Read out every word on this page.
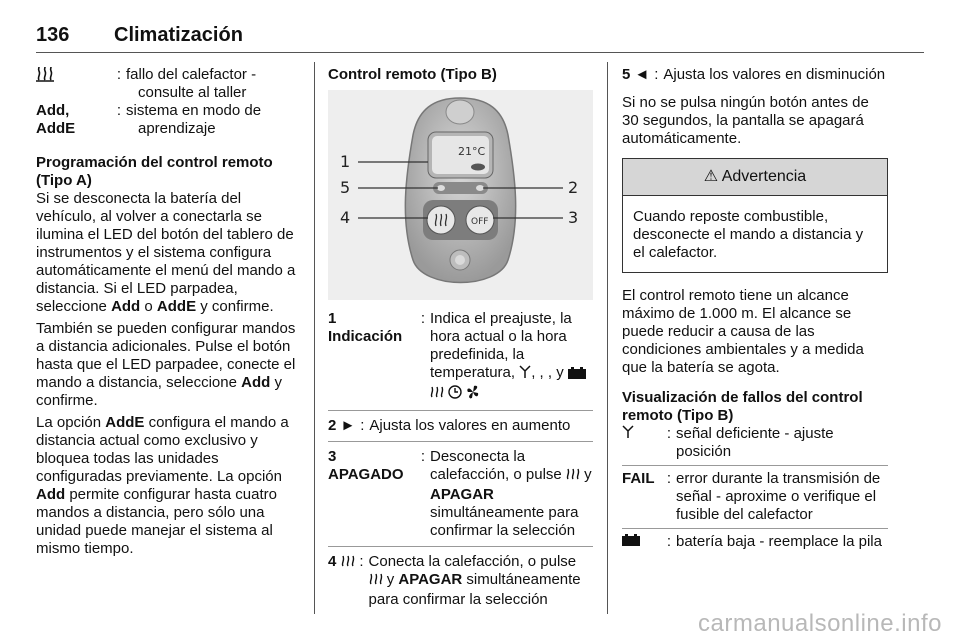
136 Climatización
: fallo del calefactor -
consulte al taller
Add,
AddE
: sistema en modo de
aprendizaje
Programación del control remoto
(Tipo A)

Si se desconecta la batería del vehículo, al volver a conectarla se ilumina el LED del botón del tablero de instrumentos y el sistema configura automáticamente el menú del mando a distancia. Si el LED parpadea, seleccione Add o AddE y confirme.

También se pueden configurar mandos a distancia adicionales. Pulse el botón hasta que el LED parpadee, conecte el mando a distancia, seleccione Add y confirme.

La opción AddE configura el mando a distancia actual como exclusivo y bloquea todas las unidades configuradas previamente. La opción Add permite configurar hasta cuatro mandos a distancia, pero sólo una unidad puede manejar el sistema al mismo tiempo.

Control remoto (Tipo B)
21°C
OFF
1
2
3
4
5
1
Indicación
: Indica el preajuste, la hora actual o la hora predefinida, la temperatura, , , , y
2 ► : Ajusta los valores en aumento
3
APAGADO
: Desconecta la calefacción, o pulse y APAGAR simultáneamente para confirmar la selección
4	: Conecta la calefacción, o pulse  y APAGAR simultáneamente para confirmar la selección
5 ◄ : Ajusta los valores en disminución

Si no se pulsa ningún botón antes de 30 segundos, la pantalla se apagará automáticamente.

⚠ Advertencia
Cuando reposte combustible, desconecte el mando a distancia y el calefactor.

El control remoto tiene un alcance máximo de 1.000 m. El alcance se puede reducir a causa de las condiciones ambientales y a medida que la batería se agota.

Visualización de fallos del control remoto (Tipo B)
: señal deficiente - ajuste posición
FAIL : error durante la transmisión de señal - aproxime o verifique el fusible del calefactor
: batería baja - reemplace la pila
carmanualsonline.info
